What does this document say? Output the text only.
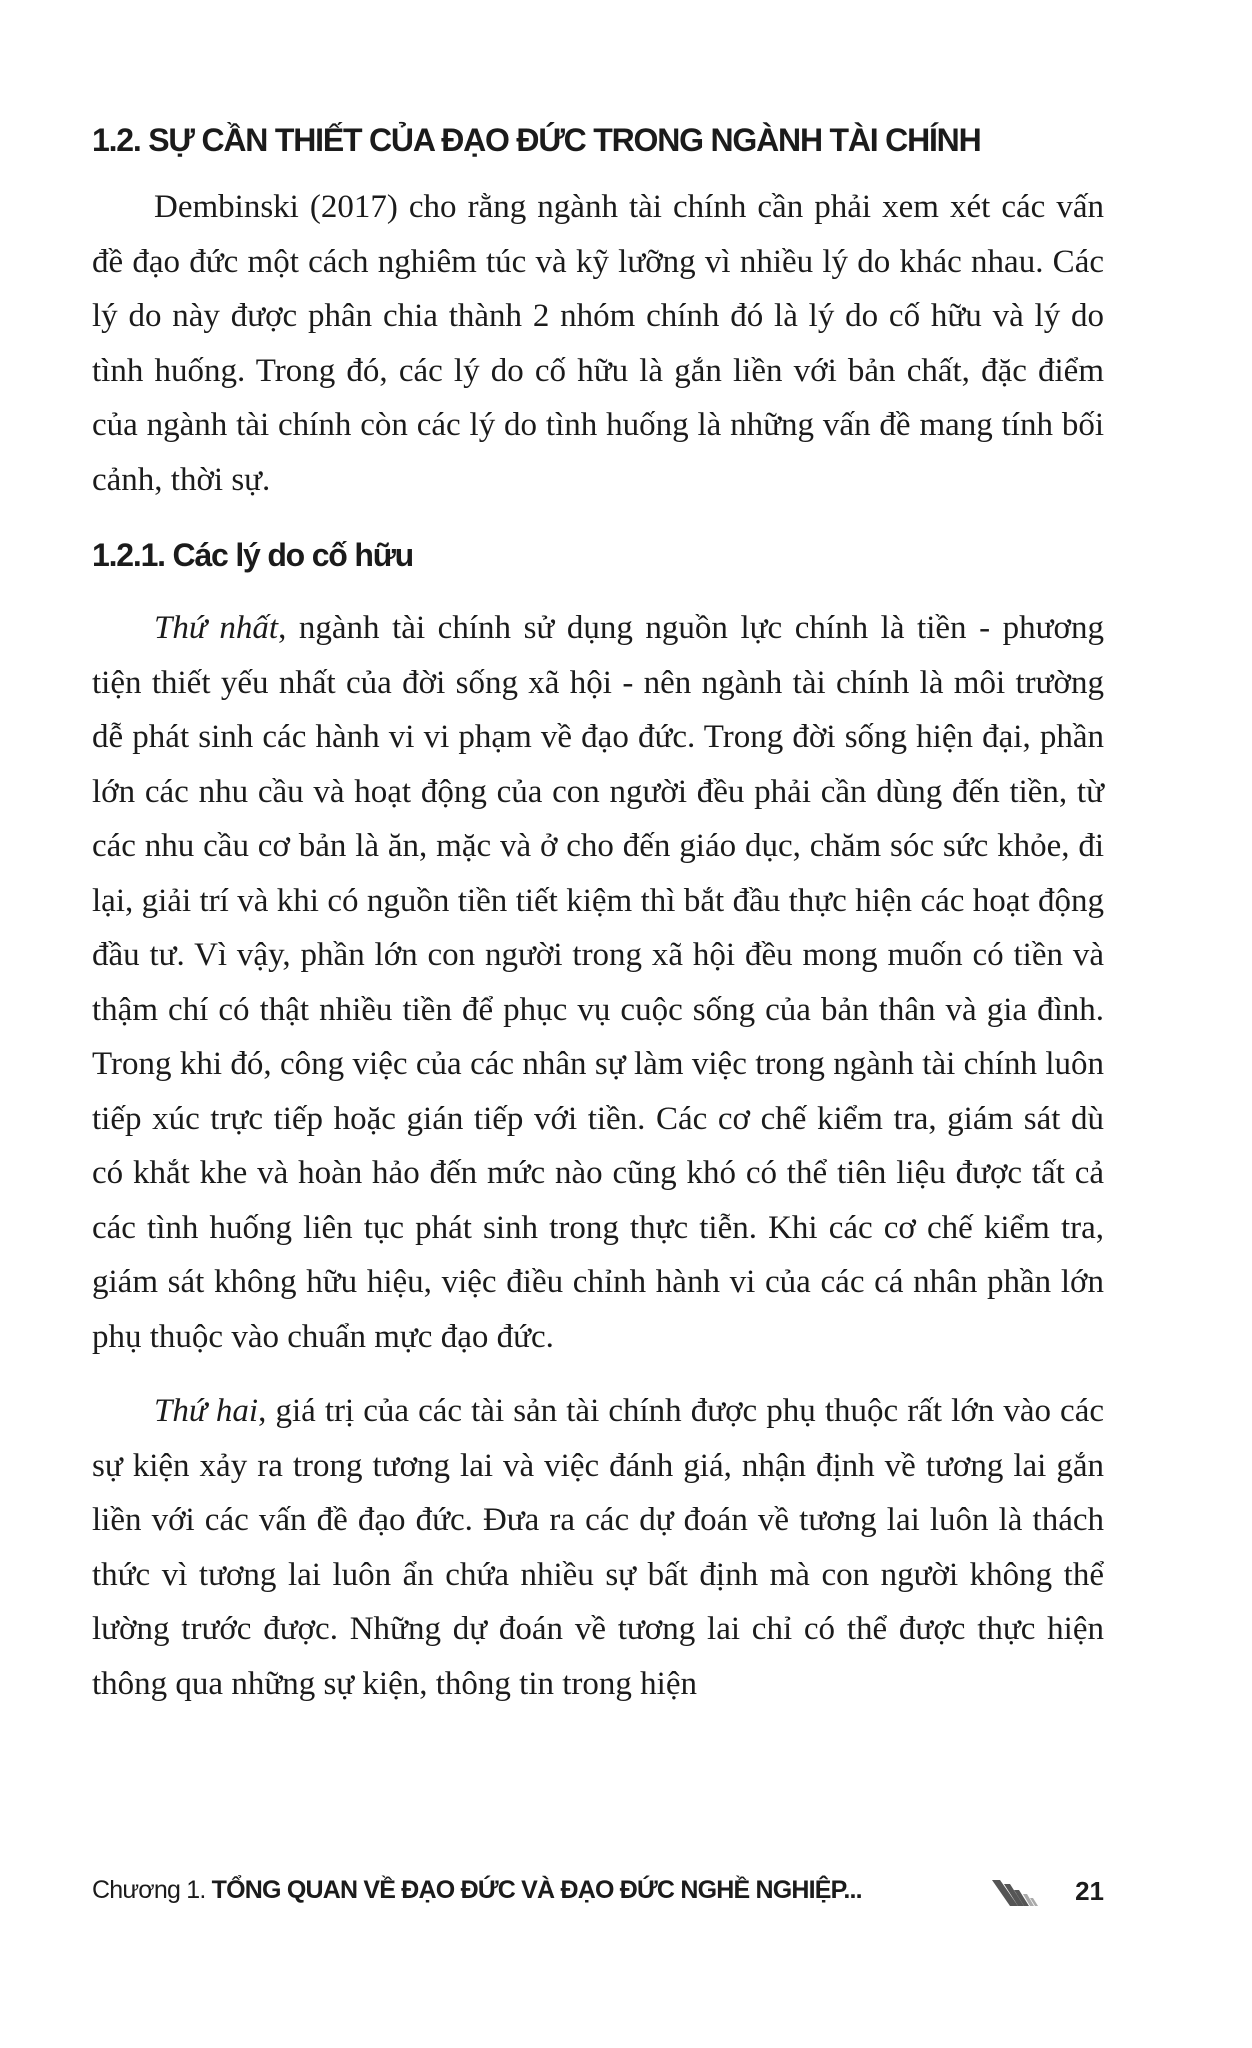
1.2. SỰ CẦN THIẾT CỦA ĐẠO ĐỨC TRONG NGÀNH TÀI CHÍNH

Dembinski (2017) cho rằng ngành tài chính cần phải xem xét các vấn đề đạo đức một cách nghiêm túc và kỹ lưỡng vì nhiều lý do khác nhau. Các lý do này được phân chia thành 2 nhóm chính đó là lý do cố hữu và lý do tình huống. Trong đó, các lý do cố hữu là gắn liền với bản chất, đặc điểm của ngành tài chính còn các lý do tình huống là những vấn đề mang tính bối cảnh, thời sự.

1.2.1. Các lý do cố hữu

Thứ nhất, ngành tài chính sử dụng nguồn lực chính là tiền - phương tiện thiết yếu nhất của đời sống xã hội - nên ngành tài chính là môi trường dễ phát sinh các hành vi vi phạm về đạo đức. Trong đời sống hiện đại, phần lớn các nhu cầu và hoạt động của con người đều phải cần dùng đến tiền, từ các nhu cầu cơ bản là ăn, mặc và ở cho đến giáo dục, chăm sóc sức khỏe, đi lại, giải trí và khi có nguồn tiền tiết kiệm thì bắt đầu thực hiện các hoạt động đầu tư. Vì vậy, phần lớn con người trong xã hội đều mong muốn có tiền và thậm chí có thật nhiều tiền để phục vụ cuộc sống của bản thân và gia đình. Trong khi đó, công việc của các nhân sự làm việc trong ngành tài chính luôn tiếp xúc trực tiếp hoặc gián tiếp với tiền. Các cơ chế kiểm tra, giám sát dù có khắt khe và hoàn hảo đến mức nào cũng khó có thể tiên liệu được tất cả các tình huống liên tục phát sinh trong thực tiễn. Khi các cơ chế kiểm tra, giám sát không hữu hiệu, việc điều chỉnh hành vi của các cá nhân phần lớn phụ thuộc vào chuẩn mực đạo đức.

Thứ hai, giá trị của các tài sản tài chính được phụ thuộc rất lớn vào các sự kiện xảy ra trong tương lai và việc đánh giá, nhận định về tương lai gắn liền với các vấn đề đạo đức. Đưa ra các dự đoán về tương lai luôn là thách thức vì tương lai luôn ẩn chứa nhiều sự bất định mà con người không thể lường trước được. Những dự đoán về tương lai chỉ có thể được thực hiện thông qua những sự kiện, thông tin trong hiện

Chương 1. TỔNG QUAN VỀ ĐẠO ĐỨC VÀ ĐẠO ĐỨC NGHỀ NGHIỆP...	21
